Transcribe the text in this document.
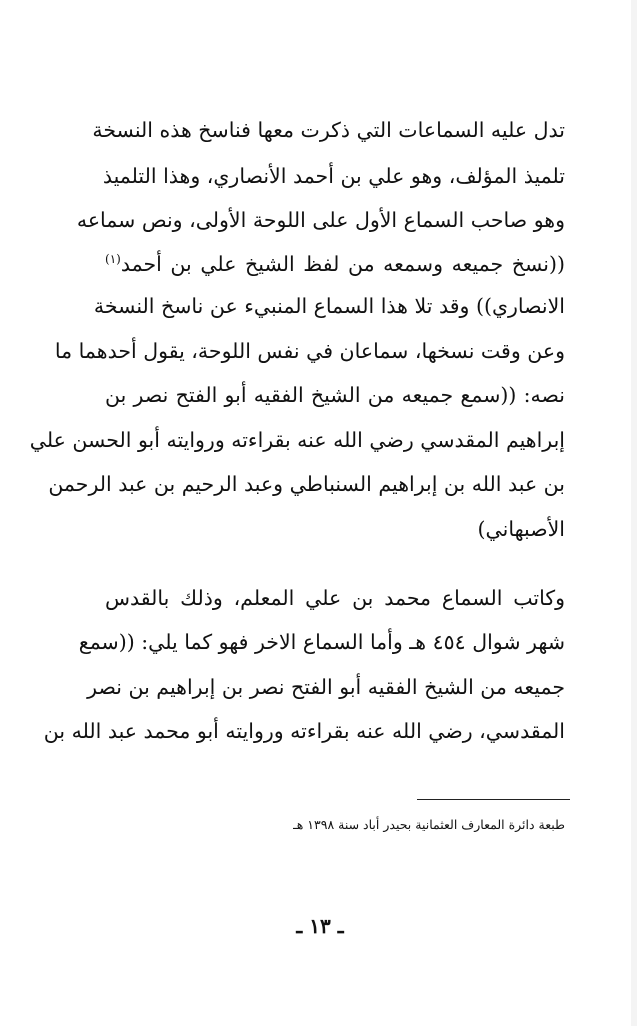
تدل عليه السماعات التي ذكرت معها فناسخ هذه النسخة
تلميذ المؤلف، وهو علي بن أحمد الأنصاري، وهذا التلميذ
وهو صاحب السماع الأول على اللوحة الأولى، ونص سماعه
((نسخ جميعه وسمعه من لفظ الشيخ علي بن أحمد$^{(١)}$
الانصاري)) وقد تلا هذا السماع المنبيء عن ناسخ النسخة
وعن وقت نسخها، سماعان في نفس اللوحة، يقول أحدهما ما
نصه: ((سمع جميعه من الشيخ الفقيه أبو الفتح نصر بن
إبراهيم المقدسي رضي الله عنه بقراءته وروايته أبو الحسن علي
بن عبد الله بن إبراهيم السنباطي وعبد الرحيم بن عبد الرحمن
الأصبهاني)
وكاتب السماع محمد بن علي المعلم، وذلك بالقدس
شهر شوال ٤٥٤ هـ وأما السماع الاخر فهو كما يلي: ((سمع
جميعه من الشيخ الفقيه أبو الفتح نصر بن إبراهيم بن نصر
المقدسي، رضي الله عنه بقراءته وروايته أبو محمد عبد الله بن
طبعة دائرة المعارف العثمانية بحيدر أباد سنة ١٣٩٨ هـ
ـ ١٣ ـ
